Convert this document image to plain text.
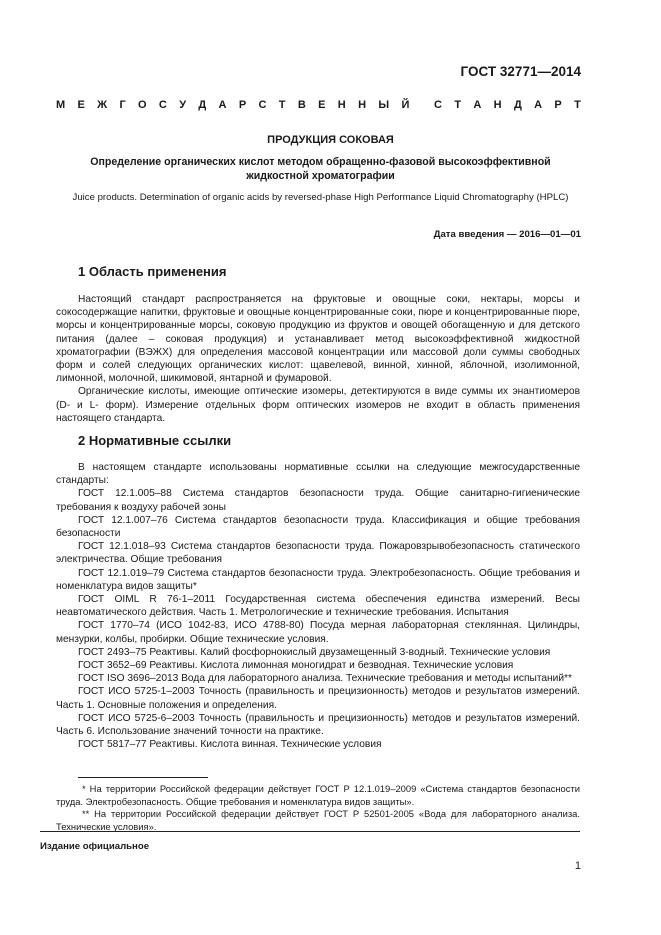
ГОСТ 32771—2014
М Е Ж Г О С У Д А Р С Т В Е Н Н Ы Й С Т А Н Д А Р Т
ПРОДУКЦИЯ СОКОВАЯ
Определение органических кислот методом обращенно-фазовой высокоэффективной
жидкостной хроматографии
Juice products. Determination of organic acids by reversed-phase High Performance Liquid Chromatography (HPLC)
Дата введения — 2016—01—01
1 Область применения

Настоящий стандарт распространяется на фруктовые и овощные соки, нектары, морсы и сокосодержащие напитки, фруктовые и овощные концентрированные соки, пюре и концентрированные пюре, морсы и концентрированные морсы, соковую продукцию из фруктов и овощей обогащенную и для детского питания (далее – соковая продукция) и устанавливает метод высокоэффективной жидкостной хроматографии (ВЭЖХ) для определения массовой концентрации или массовой доли суммы свободных форм и солей следующих органических кислот: щавелевой, винной, хинной, яблочной, изолимонной, лимонной, молочной, шикимовой, янтарной и фумаровой.

Органические кислоты, имеющие оптические изомеры, детектируются в виде суммы их энантиомеров (D- и L- форм). Измерение отдельных форм оптических изомеров не входит в область применения настоящего стандарта.

2 Нормативные ссылки

В настоящем стандарте использованы нормативные ссылки на следующие межгосударственные стандарты:

ГОСТ 12.1.005–88 Система стандартов безопасности труда. Общие санитарно-гигиенические требования к воздуху рабочей зоны

ГОСТ 12.1.007–76 Система стандартов безопасности труда. Классификация и общие требования безопасности

ГОСТ 12.1.018–93 Система стандартов безопасности труда. Пожаровзрывобезопасность статического электричества. Общие требования

ГОСТ 12.1.019–79 Система стандартов безопасности труда. Электробезопасность. Общие требования и номенклатура видов защиты*

ГОСТ OIML R 76-1–2011 Государственная система обеспечения единства измерений. Весы неавтоматического действия. Часть 1. Метрологические и технические требования. Испытания

ГОСТ 1770–74 (ИСО 1042-83, ИСО 4788-80) Посуда мерная лабораторная стеклянная. Цилиндры, мензурки, колбы, пробирки. Общие технические условия.

ГОСТ 2493–75 Реактивы. Калий фосфорнокислый двузамещенный 3-водный. Технические условия

ГОСТ 3652–69 Реактивы. Кислота лимонная моногидрат и безводная. Технические условия

ГОСТ ISO 3696–2013 Вода для лабораторного анализа. Технические требования и методы испытаний**

ГОСТ ИСО 5725-1–2003 Точность (правильность и прецизионность) методов и результатов измерений. Часть 1. Основные положения и определения.

ГОСТ ИСО 5725-6–2003 Точность (правильность и прецизионность) методов и результатов измерений. Часть 6. Использование значений точности на практике.

ГОСТ 5817–77 Реактивы. Кислота винная. Технические условия

* На территории Российской федерации действует ГОСТ Р 12.1.019–2009 «Система стандартов безопасности труда. Электробезопасность. Общие требования и номенклатура видов защиты».

** На территории Российской федерации действует ГОСТ Р 52501-2005 «Вода для лабораторного анализа. Технические условия».

Издание официальное
1
